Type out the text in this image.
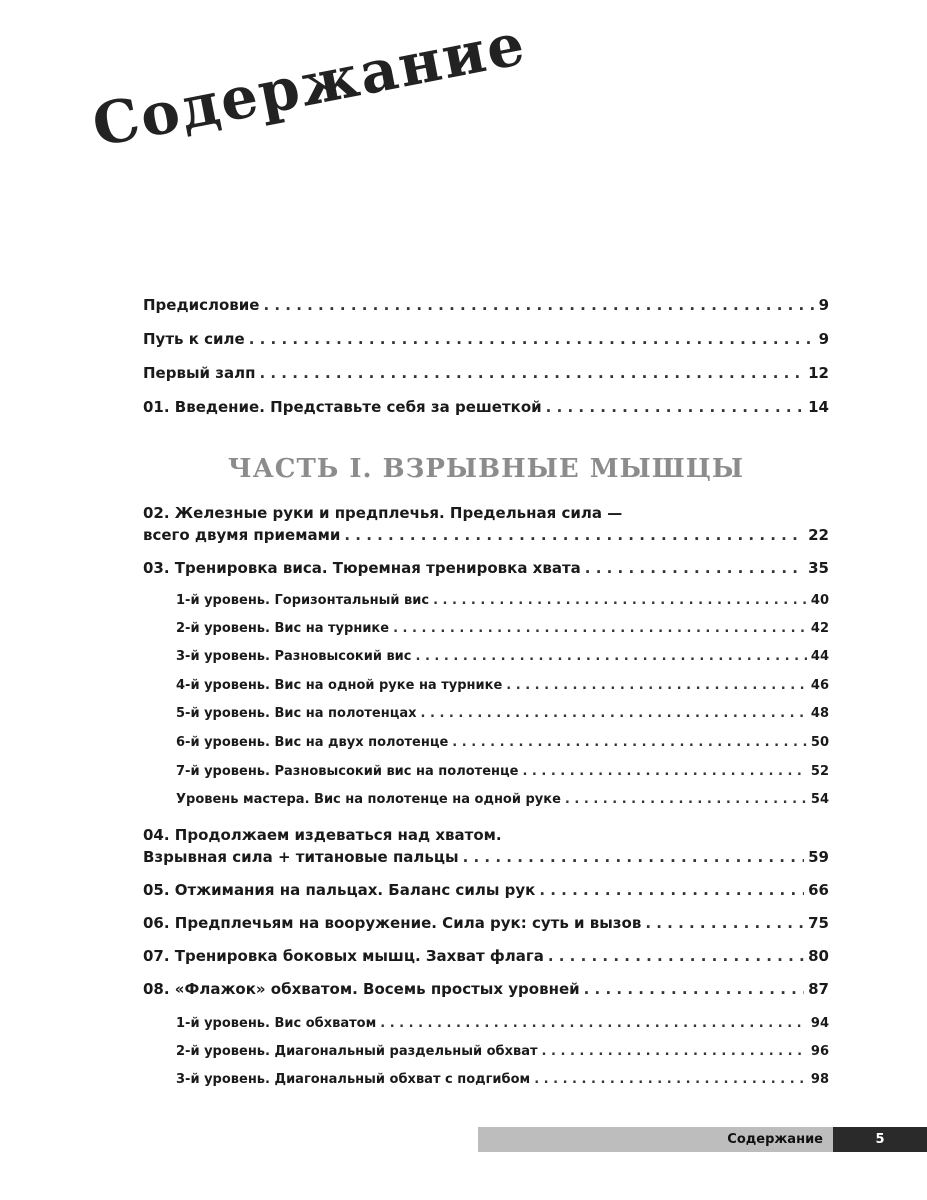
Содержание
Предисловие . . .	9
Путь к силе . . .	9
Первый залп . . .	12
01. Введение. Представьте себя за решеткой . . .	14
ЧАСТЬ I. ВЗРЫВНЫЕ МЫШЦЫ
02. Железные руки и предплечья. Предельная сила —
всего двумя приемами . . .	22
03. Тренировка виса. Тюремная тренировка хвата . . .	35
1-й уровень. Горизонтальный вис . . .	40
2-й уровень. Вис на турнике . . .	42
3-й уровень. Разновысокий вис . . .	44
4-й уровень. Вис на одной руке на турнике . . .	46
5-й уровень. Вис на полотенцах . . .	48
6-й уровень. Вис на двух полотенце . . .	50
7-й уровень. Разновысокий вис на полотенце . . .	52
Уровень мастера. Вис на полотенце на одной руке . . .	54
04. Продолжаем издеваться над хватом.
Взрывная сила + титановые пальцы . . .	59
05. Отжимания на пальцах. Баланс силы рук . . .	66
06. Предплечьям на вооружение. Сила рук: суть и вызов . . .	75
07. Тренировка боковых мышц. Захват флага . . .	80
08. «Флажок» обхватом. Восемь простых уровней . . .	87
1-й уровень. Вис обхватом . . .	94
2-й уровень. Диагональный раздельный обхват . . .	96
3-й уровень. Диагональный обхват с подгибом . . .	98
Содержание	5
